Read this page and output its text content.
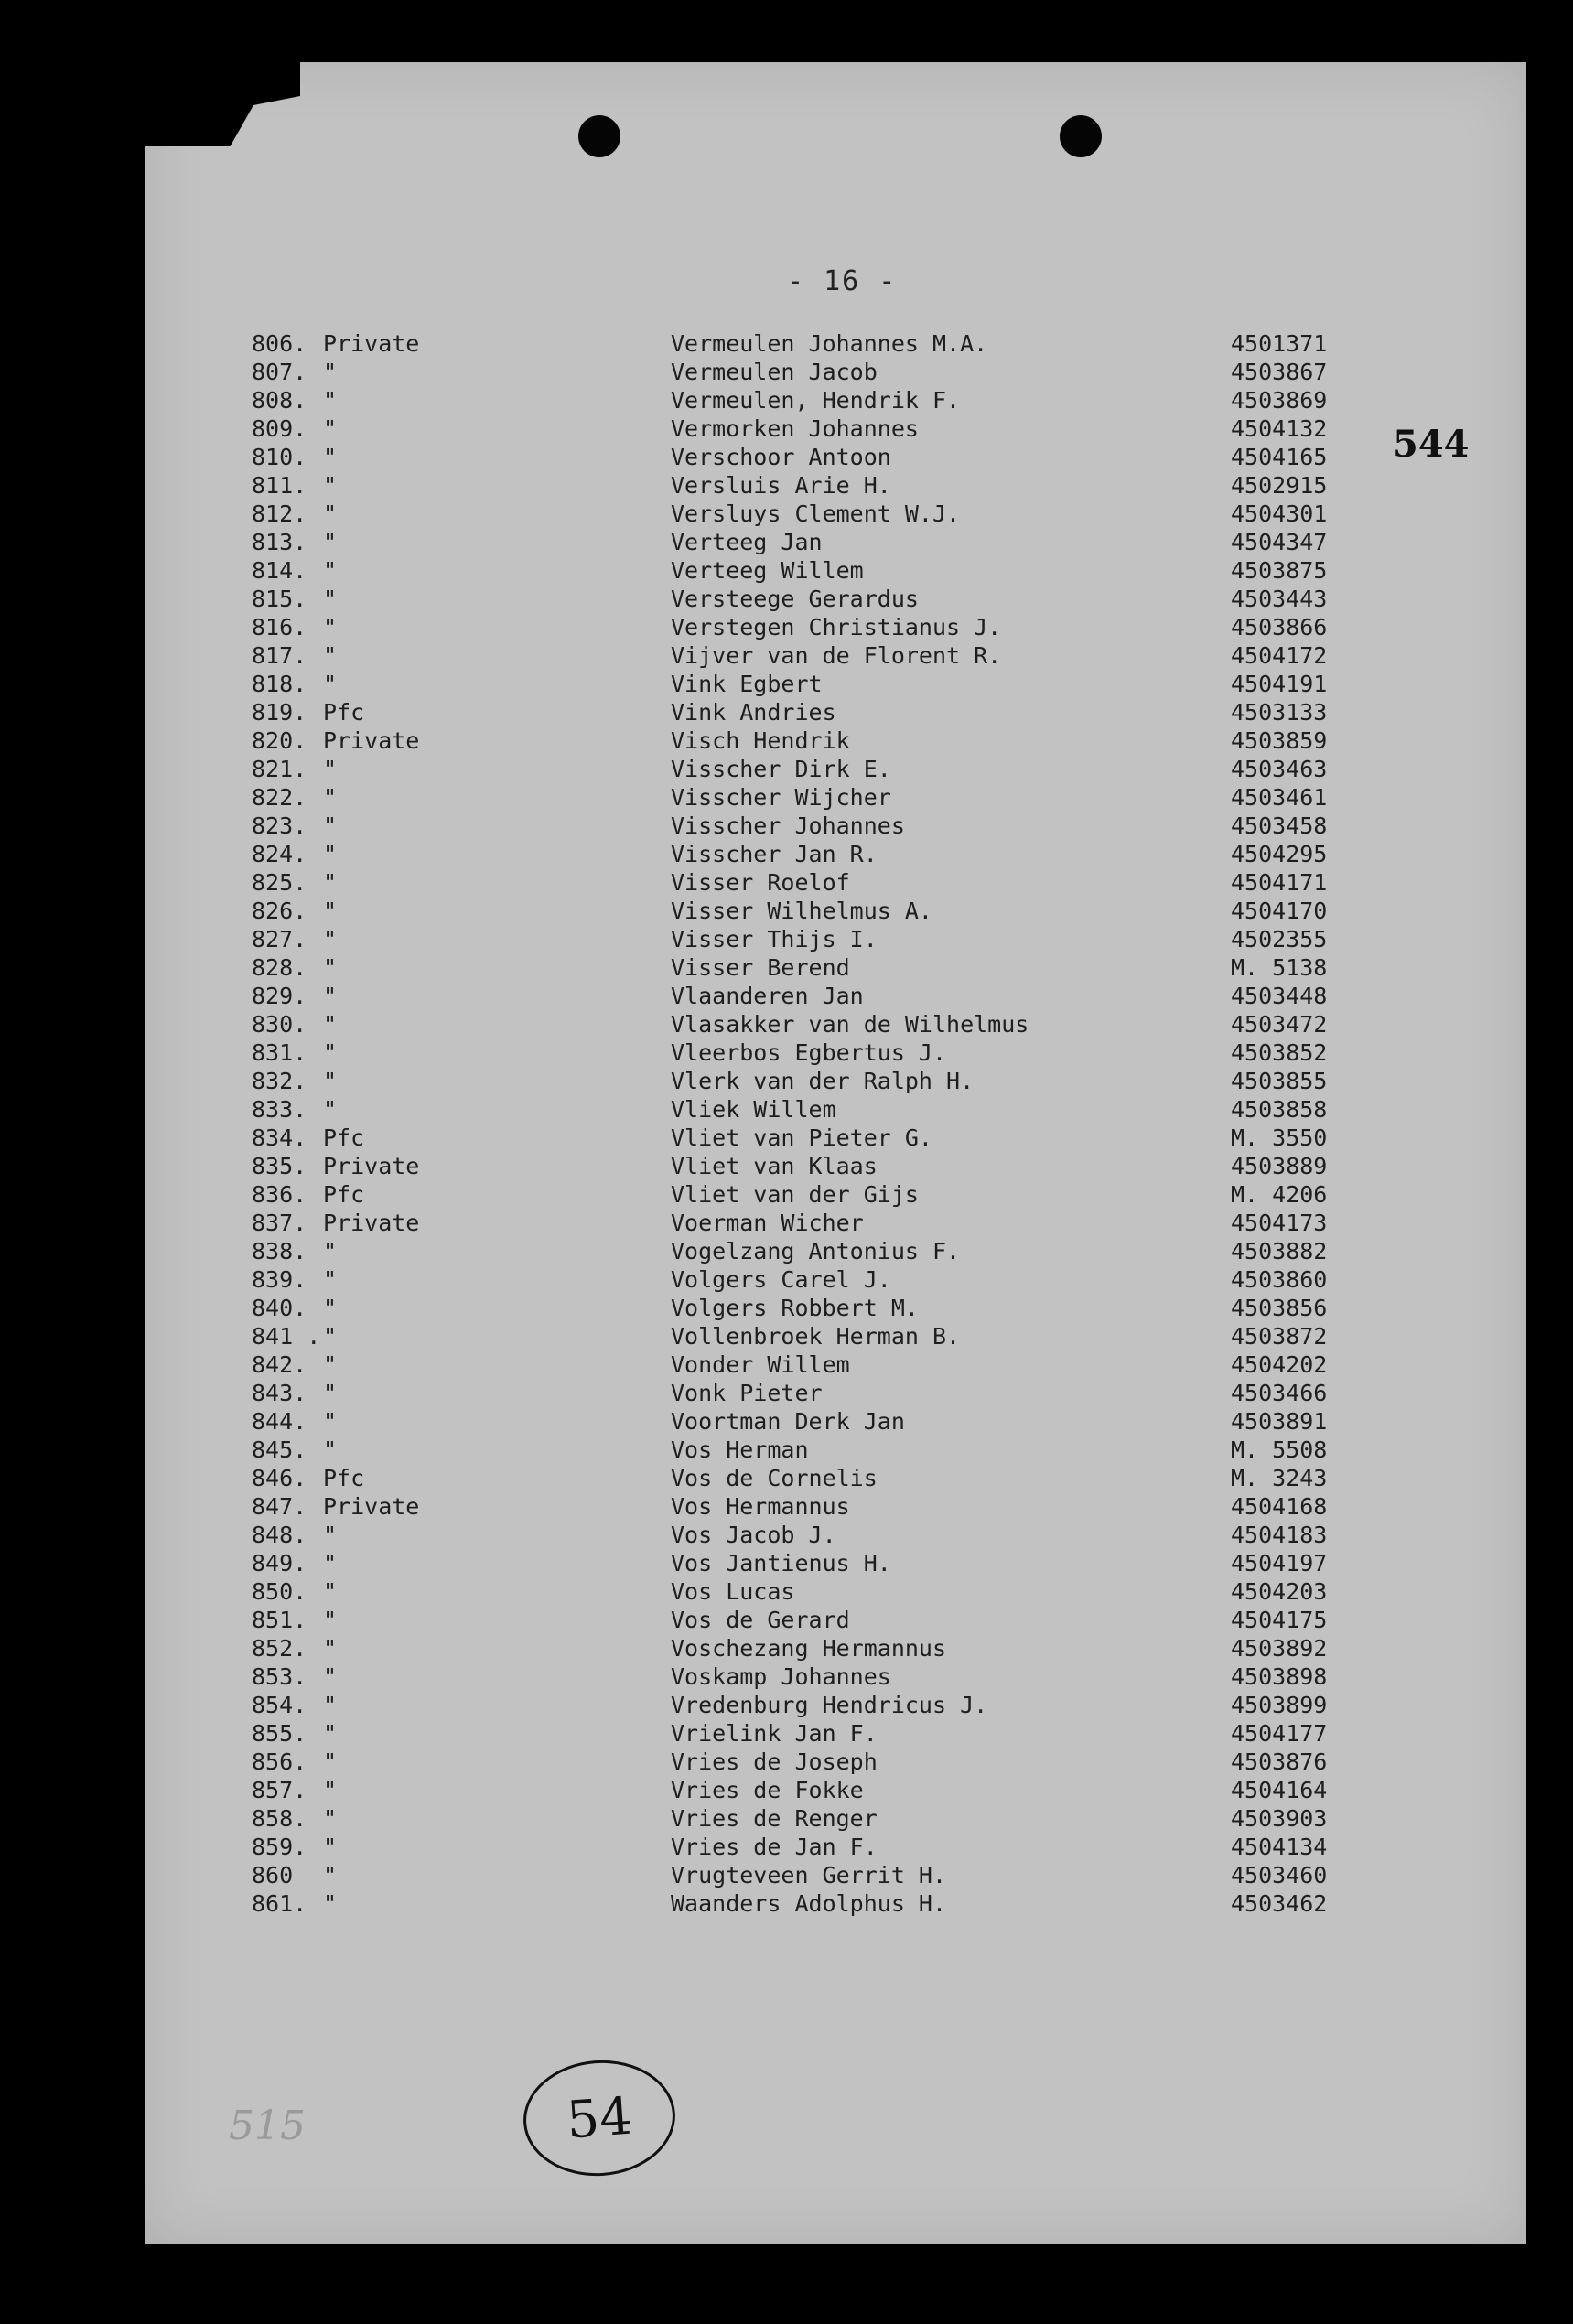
- 16 -
544
806. Private	Vermeulen Johannes M.A.	4501371
807. "	Vermeulen Jacob	4503867
808. "	Vermeulen, Hendrik F.	4503869
809. "	Vermorken Johannes	4504132
810. "	Verschoor Antoon	4504165
811. "	Versluis Arie H.	4502915
812. "	Versluys Clement W.J.	4504301
813. "	Verteeg Jan	4504347
814. "	Verteeg Willem	4503875
815. "	Versteege Gerardus	4503443
816. "	Verstegen Christianus J.	4503866
817. "	Vijver van de Florent R.	4504172
818. "	Vink Egbert	4504191
819. Pfc	Vink Andries	4503133
820. Private	Visch Hendrik	4503859
821. "	Visscher Dirk E.	4503463
822. "	Visscher Wijcher	4503461
823. "	Visscher Johannes	4503458
824. "	Visscher Jan R.	4504295
825. "	Visser Roelof	4504171
826. "	Visser Wilhelmus A.	4504170
827. "	Visser Thijs I.	4502355
828. "	Visser Berend	M. 5138
829. "	Vlaanderen Jan	4503448
830. "	Vlasakker van de Wilhelmus	4503472
831. "	Vleerbos Egbertus J.	4503852
832. "	Vlerk van der Ralph H.	4503855
833. "	Vliek Willem	4503858
834. Pfc	Vliet van Pieter G.	M. 3550
835. Private	Vliet van Klaas	4503889
836. Pfc	Vliet van der Gijs	M. 4206
837. Private	Voerman Wicher	4504173
838. "	Vogelzang Antonius F.	4503882
839. "	Volgers Carel J.	4503860
840. "	Volgers Robbert M.	4503856
841 . "	Vollenbroek Herman B.	4503872
842. "	Vonder Willem	4504202
843. "	Vonk Pieter	4503466
844. "	Voortman Derk Jan	4503891
845. "	Vos Herman	M. 5508
846. Pfc	Vos de Cornelis	M. 3243
847. Private	Vos Hermannus	4504168
848. "	Vos Jacob J.	4504183
849. "	Vos Jantienus H.	4504197
850. "	Vos Lucas	4504203
851. "	Vos de Gerard	4504175
852. "	Voschezang Hermannus	4503892
853. "	Voskamp Johannes	4503898
854. "	Vredenburg Hendricus J.	4503899
855. "	Vrielink Jan F.	4504177
856. "	Vries de Joseph	4503876
857. "	Vries de Fokke	4504164
858. "	Vries de Renger	4503903
859. "	Vries de Jan F.	4504134
860 "	Vrugteveen Gerrit H.	4503460
861. "	Waanders Adolphus H.	4503462
54
515
